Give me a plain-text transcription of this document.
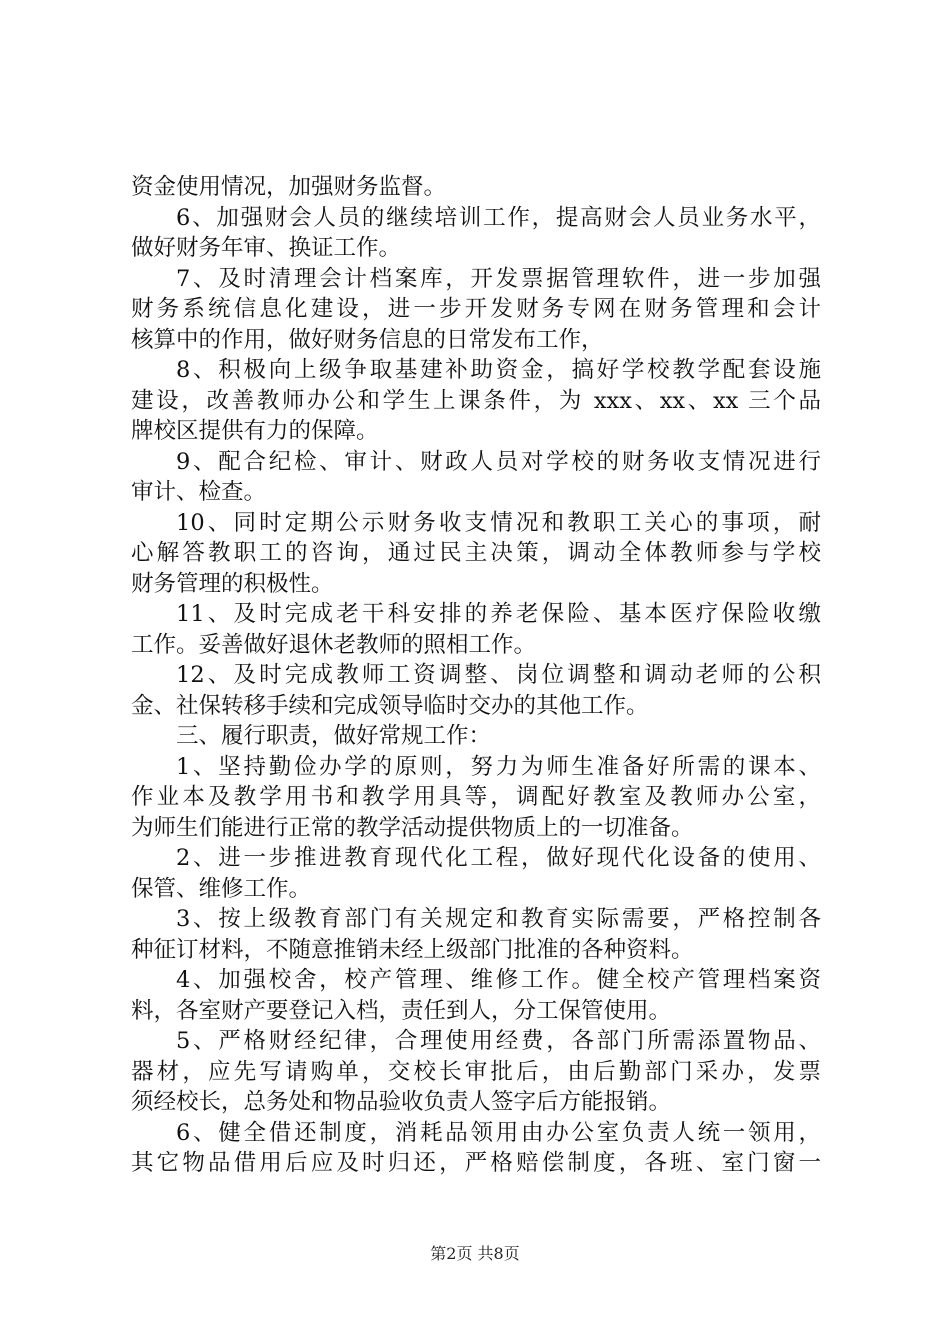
资金使用情况，加强财务监督。
6、加强财会人员的继续培训工作，提高财会人员业务水平，
做好财务年审、换证工作。
7、及时清理会计档案库，开发票据管理软件，进一步加强
财务系统信息化建设，进一步开发财务专网在财务管理和会计
核算中的作用，做好财务信息的日常发布工作，
8、积极向上级争取基建补助资金，搞好学校教学配套设施
建设，改善教师办公和学生上课条件，为 xxx、xx、xx 三个品
牌校区提供有力的保障。
9、配合纪检、审计、财政人员对学校的财务收支情况进行
审计、检查。
10、同时定期公示财务收支情况和教职工关心的事项，耐
心解答教职工的咨询，通过民主决策，调动全体教师参与学校
财务管理的积极性。
11、及时完成老干科安排的养老保险、基本医疗保险收缴
工作。妥善做好退休老教师的照相工作。
12、及时完成教师工资调整、岗位调整和调动老师的公积
金、社保转移手续和完成领导临时交办的其他工作。
三、履行职责，做好常规工作：
1、坚持勤俭办学的原则，努力为师生准备好所需的课本、
作业本及教学用书和教学用具等，调配好教室及教师办公室，
为师生们能进行正常的教学活动提供物质上的一切准备。
2、进一步推进教育现代化工程，做好现代化设备的使用、
保管、维修工作。
3、按上级教育部门有关规定和教育实际需要，严格控制各
种征订材料，不随意推销未经上级部门批准的各种资料。
4、加强校舍，校产管理、维修工作。健全校产管理档案资
料，各室财产要登记入档，责任到人，分工保管使用。
5、严格财经纪律，合理使用经费，各部门所需添置物品、
器材，应先写请购单，交校长审批后，由后勤部门采办，发票
须经校长，总务处和物品验收负责人签字后方能报销。
6、健全借还制度，消耗品领用由办公室负责人统一领用，
其它物品借用后应及时归还，严格赔偿制度，各班、室门窗一
第2页 共8页
